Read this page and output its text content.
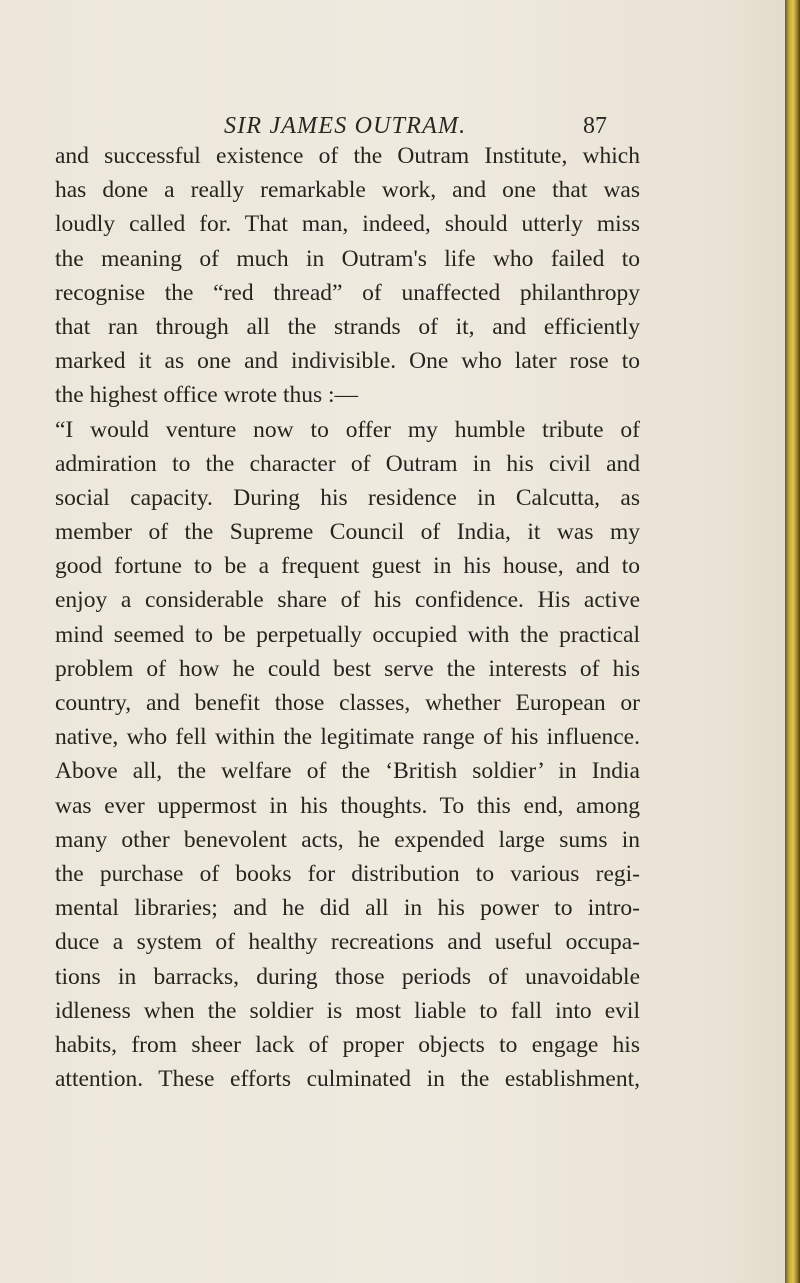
SIR JAMES OUTRAM.	87
and successful existence of the Outram Institute, which
has done a really remarkable work, and one that was
loudly called for. That man, indeed, should utterly miss
the meaning of much in Outram's life who failed to
recognise the “red thread” of unaffected philanthropy
that ran through all the strands of it, and efficiently
marked it as one and indivisible. One who later rose to
the highest office wrote thus :—
“I would venture now to offer my humble tribute of
admiration to the character of Outram in his civil and
social capacity. During his residence in Calcutta, as
member of the Supreme Council of India, it was my
good fortune to be a frequent guest in his house, and to
enjoy a considerable share of his confidence. His active
mind seemed to be perpetually occupied with the practical
problem of how he could best serve the interests of his
country, and benefit those classes, whether European or
native, who fell within the legitimate range of his influence.
Above all, the welfare of the ‘British soldier’ in India
was ever uppermost in his thoughts. To this end, among
many other benevolent acts, he expended large sums in
the purchase of books for distribution to various regi-
mental libraries; and he did all in his power to intro-
duce a system of healthy recreations and useful occupa-
tions in barracks, during those periods of unavoidable
idleness when the soldier is most liable to fall into evil
habits, from sheer lack of proper objects to engage his
attention. These efforts culminated in the establishment,
